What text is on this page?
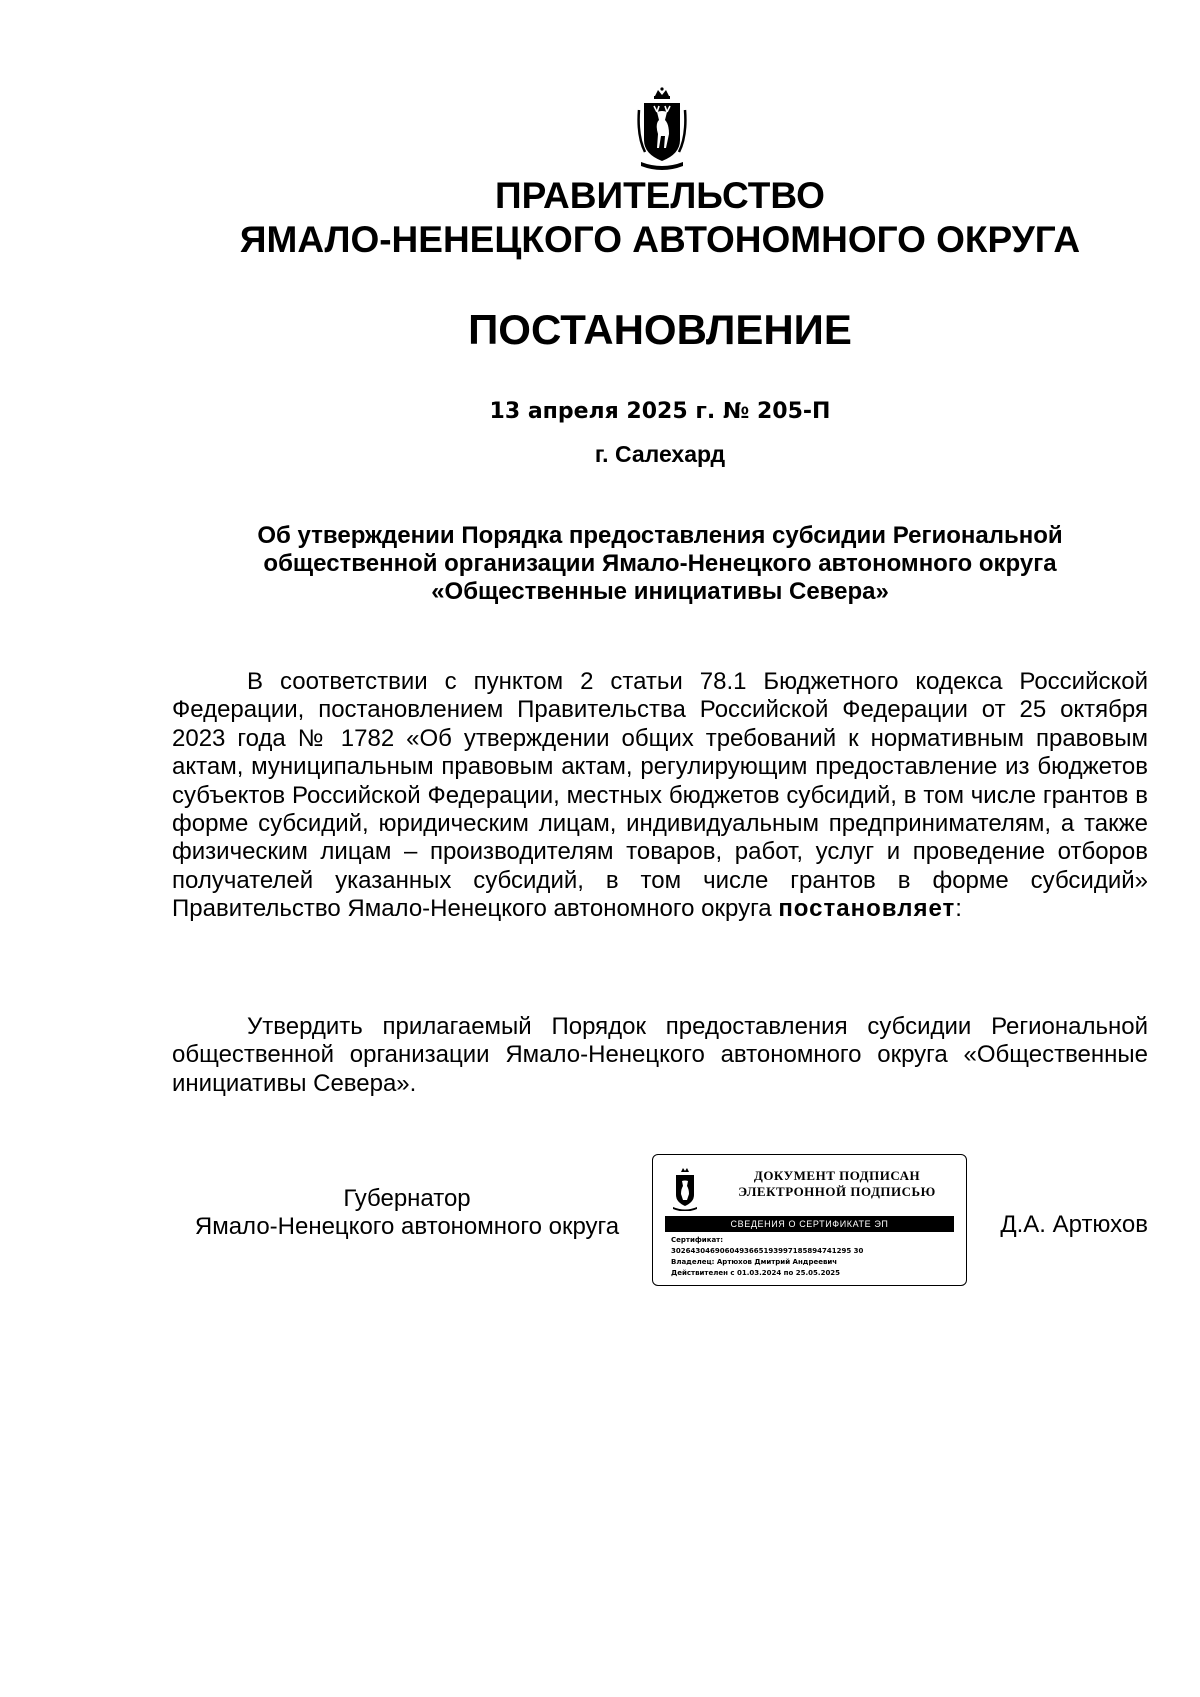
ПРАВИТЕЛЬСТВО
ЯМАЛО-НЕНЕЦКОГО АВТОНОМНОГО ОКРУГА
ПОСТАНОВЛЕНИЕ
13 апреля 2025 г. № 205-П
г. Салехард
Об утверждении Порядка предоставления субсидии Региональной
общественной организации Ямало-Ненецкого автономного округа
«Общественные инициативы Севера»

В соответствии с пунктом 2 статьи 78.1 Бюджетного кодекса Российской Федерации, постановлением Правительства Российской Федерации от 25 октября 2023 года № 1782 «Об утверждении общих требований к нормативным правовым актам, муниципальным правовым актам, регулирующим предоставление из бюджетов субъектов Российской Федерации, местных бюджетов субсидий, в том числе грантов в форме субсидий, юридическим лицам, индивидуальным предпринимателям, а также физическим лицам – производителям товаров, работ, услуг и проведение отборов получателей указанных субсидий, в том числе грантов в форме субсидий» Правительство Ямало-Ненецкого автономного округа постановляет:

Утвердить прилагаемый Порядок предоставления субсидии Региональной общественной организации Ямало-Ненецкого автономного округа «Общественные инициативы Севера».

Губернатор
Ямало-Ненецкого автономного округа
ДОКУМЕНТ ПОДПИСАН
ЭЛЕКТРОННОЙ ПОДПИСЬЮ
СВЕДЕНИЯ О СЕРТИФИКАТЕ ЭП
Сертификат:
3026430469060493665193997185894741295 30
Владелец: Артюхов Дмитрий Андреевич
Действителен с 01.03.2024 по 25.05.2025
Д.А. Артюхов
